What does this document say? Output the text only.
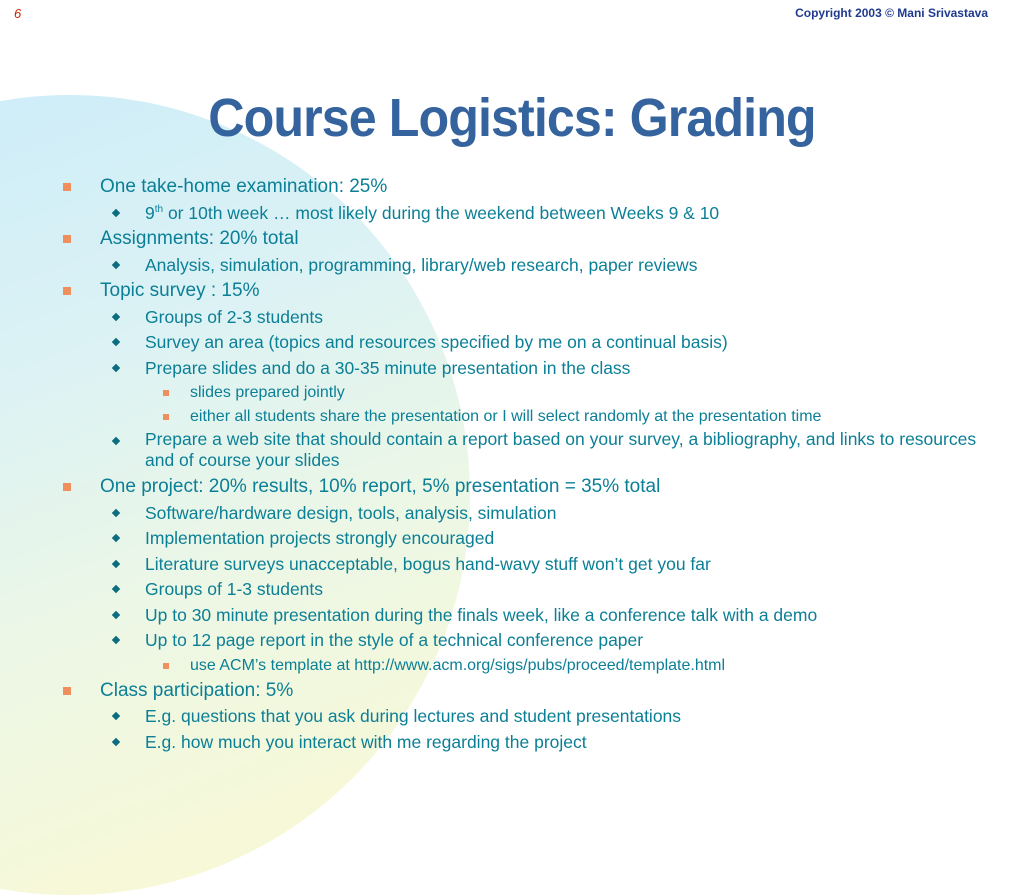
6	Copyright 2003 © Mani Srivastava
Course Logistics: Grading
One take-home examination: 25%
9th or 10th week … most likely during the weekend between Weeks 9 & 10
Assignments: 20% total
Analysis, simulation, programming, library/web research, paper reviews
Topic survey : 15%
Groups of 2-3 students
Survey an area (topics and resources specified by me on a continual basis)
Prepare slides and do a 30-35 minute presentation in the class
slides prepared jointly
either all students share the presentation or I will select randomly at the presentation time
Prepare a web site that should contain a report based on your survey, a bibliography, and links to resources and of course your slides
One project: 20% results, 10% report, 5% presentation = 35% total
Software/hardware design, tools, analysis, simulation
Implementation projects strongly encouraged
Literature surveys unacceptable, bogus hand-wavy stuff won’t get you far
Groups of 1-3 students
Up to 30 minute presentation during the finals week, like a conference talk with a demo
Up to 12 page report in the style of a technical conference paper
use ACM’s template at http://www.acm.org/sigs/pubs/proceed/template.html
Class participation: 5%
E.g. questions that you ask during lectures and student presentations
E.g. how much you interact with me regarding the project
